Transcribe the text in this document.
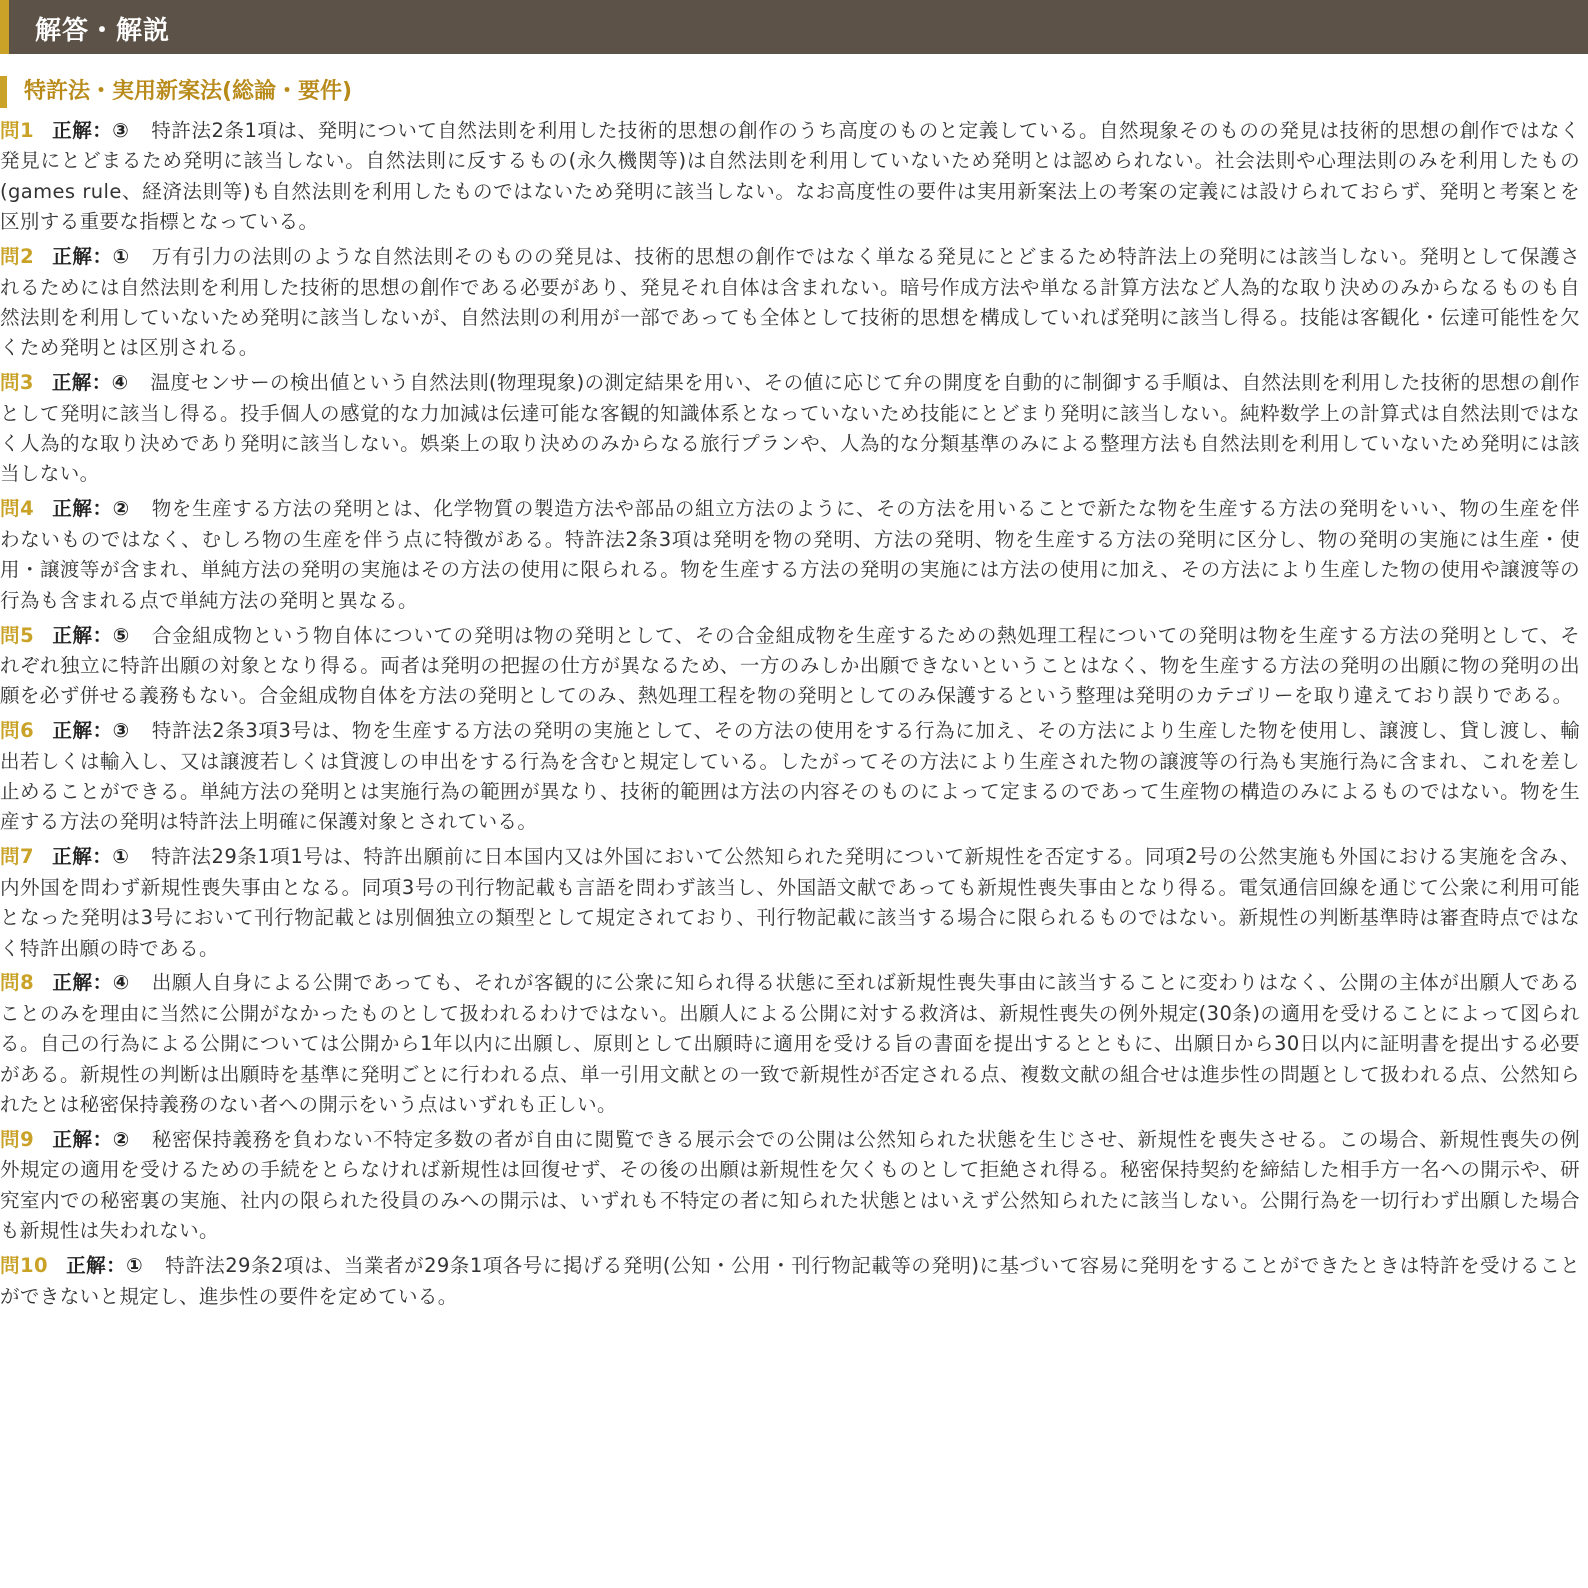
解答・解説
特許法・実用新案法(総論・要件)

問1 正解：③ 特許法2条1項は、発明について自然法則を利用した技術的思想の創作のうち高度のものと定義している。自然現象そのものの発見は技術的思想の創作ではなく発見にとどまるため発明に該当しない。自然法則に反するもの(永久機関等)は自然法則を利用していないため発明とは認められない。社会法則や心理法則のみを利用したもの(games rule、経済法則等)も自然法則を利用したものではないため発明に該当しない。なお高度性の要件は実用新案法上の考案の定義には設けられておらず、発明と考案とを区別する重要な指標となっている。

問2 正解：① 万有引力の法則のような自然法則そのものの発見は、技術的思想の創作ではなく単なる発見にとどまるため特許法上の発明には該当しない。発明として保護されるためには自然法則を利用した技術的思想の創作である必要があり、発見それ自体は含まれない。暗号作成方法や単なる計算方法など人為的な取り決めのみからなるものも自然法則を利用していないため発明に該当しないが、自然法則の利用が一部であっても全体として技術的思想を構成していれば発明に該当し得る。技能は客観化・伝達可能性を欠くため発明とは区別される。

問3 正解：④ 温度センサーの検出値という自然法則(物理現象)の測定結果を用い、その値に応じて弁の開度を自動的に制御する手順は、自然法則を利用した技術的思想の創作として発明に該当し得る。投手個人の感覚的な力加減は伝達可能な客観的知識体系となっていないため技能にとどまり発明に該当しない。純粋数学上の計算式は自然法則ではなく人為的な取り決めであり発明に該当しない。娯楽上の取り決めのみからなる旅行プランや、人為的な分類基準のみによる整理方法も自然法則を利用していないため発明には該当しない。

問4 正解：② 物を生産する方法の発明とは、化学物質の製造方法や部品の組立方法のように、その方法を用いることで新たな物を生産する方法の発明をいい、物の生産を伴わないものではなく、むしろ物の生産を伴う点に特徴がある。特許法2条3項は発明を物の発明、方法の発明、物を生産する方法の発明に区分し、物の発明の実施には生産・使用・譲渡等が含まれ、単純方法の発明の実施はその方法の使用に限られる。物を生産する方法の発明の実施には方法の使用に加え、その方法により生産した物の使用や譲渡等の行為も含まれる点で単純方法の発明と異なる。

問5 正解：⑤ 合金組成物という物自体についての発明は物の発明として、その合金組成物を生産するための熱処理工程についての発明は物を生産する方法の発明として、それぞれ独立に特許出願の対象となり得る。両者は発明の把握の仕方が異なるため、一方のみしか出願できないということはなく、物を生産する方法の発明の出願に物の発明の出願を必ず併せる義務もない。合金組成物自体を方法の発明としてのみ、熱処理工程を物の発明としてのみ保護するという整理は発明のカテゴリーを取り違えており誤りである。

問6 正解：③ 特許法2条3項3号は、物を生産する方法の発明の実施として、その方法の使用をする行為に加え、その方法により生産した物を使用し、譲渡し、貸し渡し、輸出若しくは輸入し、又は譲渡若しくは貸渡しの申出をする行為を含むと規定している。したがってその方法により生産された物の譲渡等の行為も実施行為に含まれ、これを差し止めることができる。単純方法の発明とは実施行為の範囲が異なり、技術的範囲は方法の内容そのものによって定まるのであって生産物の構造のみによるものではない。物を生産する方法の発明は特許法上明確に保護対象とされている。

問7 正解：① 特許法29条1項1号は、特許出願前に日本国内又は外国において公然知られた発明について新規性を否定する。同項2号の公然実施も外国における実施を含み、内外国を問わず新規性喪失事由となる。同項3号の刊行物記載も言語を問わず該当し、外国語文献であっても新規性喪失事由となり得る。電気通信回線を通じて公衆に利用可能となった発明は3号において刊行物記載とは別個独立の類型として規定されており、刊行物記載に該当する場合に限られるものではない。新規性の判断基準時は審査時点ではなく特許出願の時である。

問8 正解：④ 出願人自身による公開であっても、それが客観的に公衆に知られ得る状態に至れば新規性喪失事由に該当することに変わりはなく、公開の主体が出願人であることのみを理由に当然に公開がなかったものとして扱われるわけではない。出願人による公開に対する救済は、新規性喪失の例外規定(30条)の適用を受けることによって図られる。自己の行為による公開については公開から1年以内に出願し、原則として出願時に適用を受ける旨の書面を提出するとともに、出願日から30日以内に証明書を提出する必要がある。新規性の判断は出願時を基準に発明ごとに行われる点、単一引用文献との一致で新規性が否定される点、複数文献の組合せは進歩性の問題として扱われる点、公然知られたとは秘密保持義務のない者への開示をいう点はいずれも正しい。

問9 正解：② 秘密保持義務を負わない不特定多数の者が自由に閲覧できる展示会での公開は公然知られた状態を生じさせ、新規性を喪失させる。この場合、新規性喪失の例外規定の適用を受けるための手続をとらなければ新規性は回復せず、その後の出願は新規性を欠くものとして拒絶され得る。秘密保持契約を締結した相手方一名への開示や、研究室内での秘密裏の実施、社内の限られた役員のみへの開示は、いずれも不特定の者に知られた状態とはいえず公然知られたに該当しない。公開行為を一切行わず出願した場合も新規性は失われない。

問10 正解：① 特許法29条2項は、当業者が29条1項各号に掲げる発明(公知・公用・刊行物記載等の発明)に基づいて容易に発明をすることができたときは特許を受けることができないと規定し、進歩性の要件を定めている。
